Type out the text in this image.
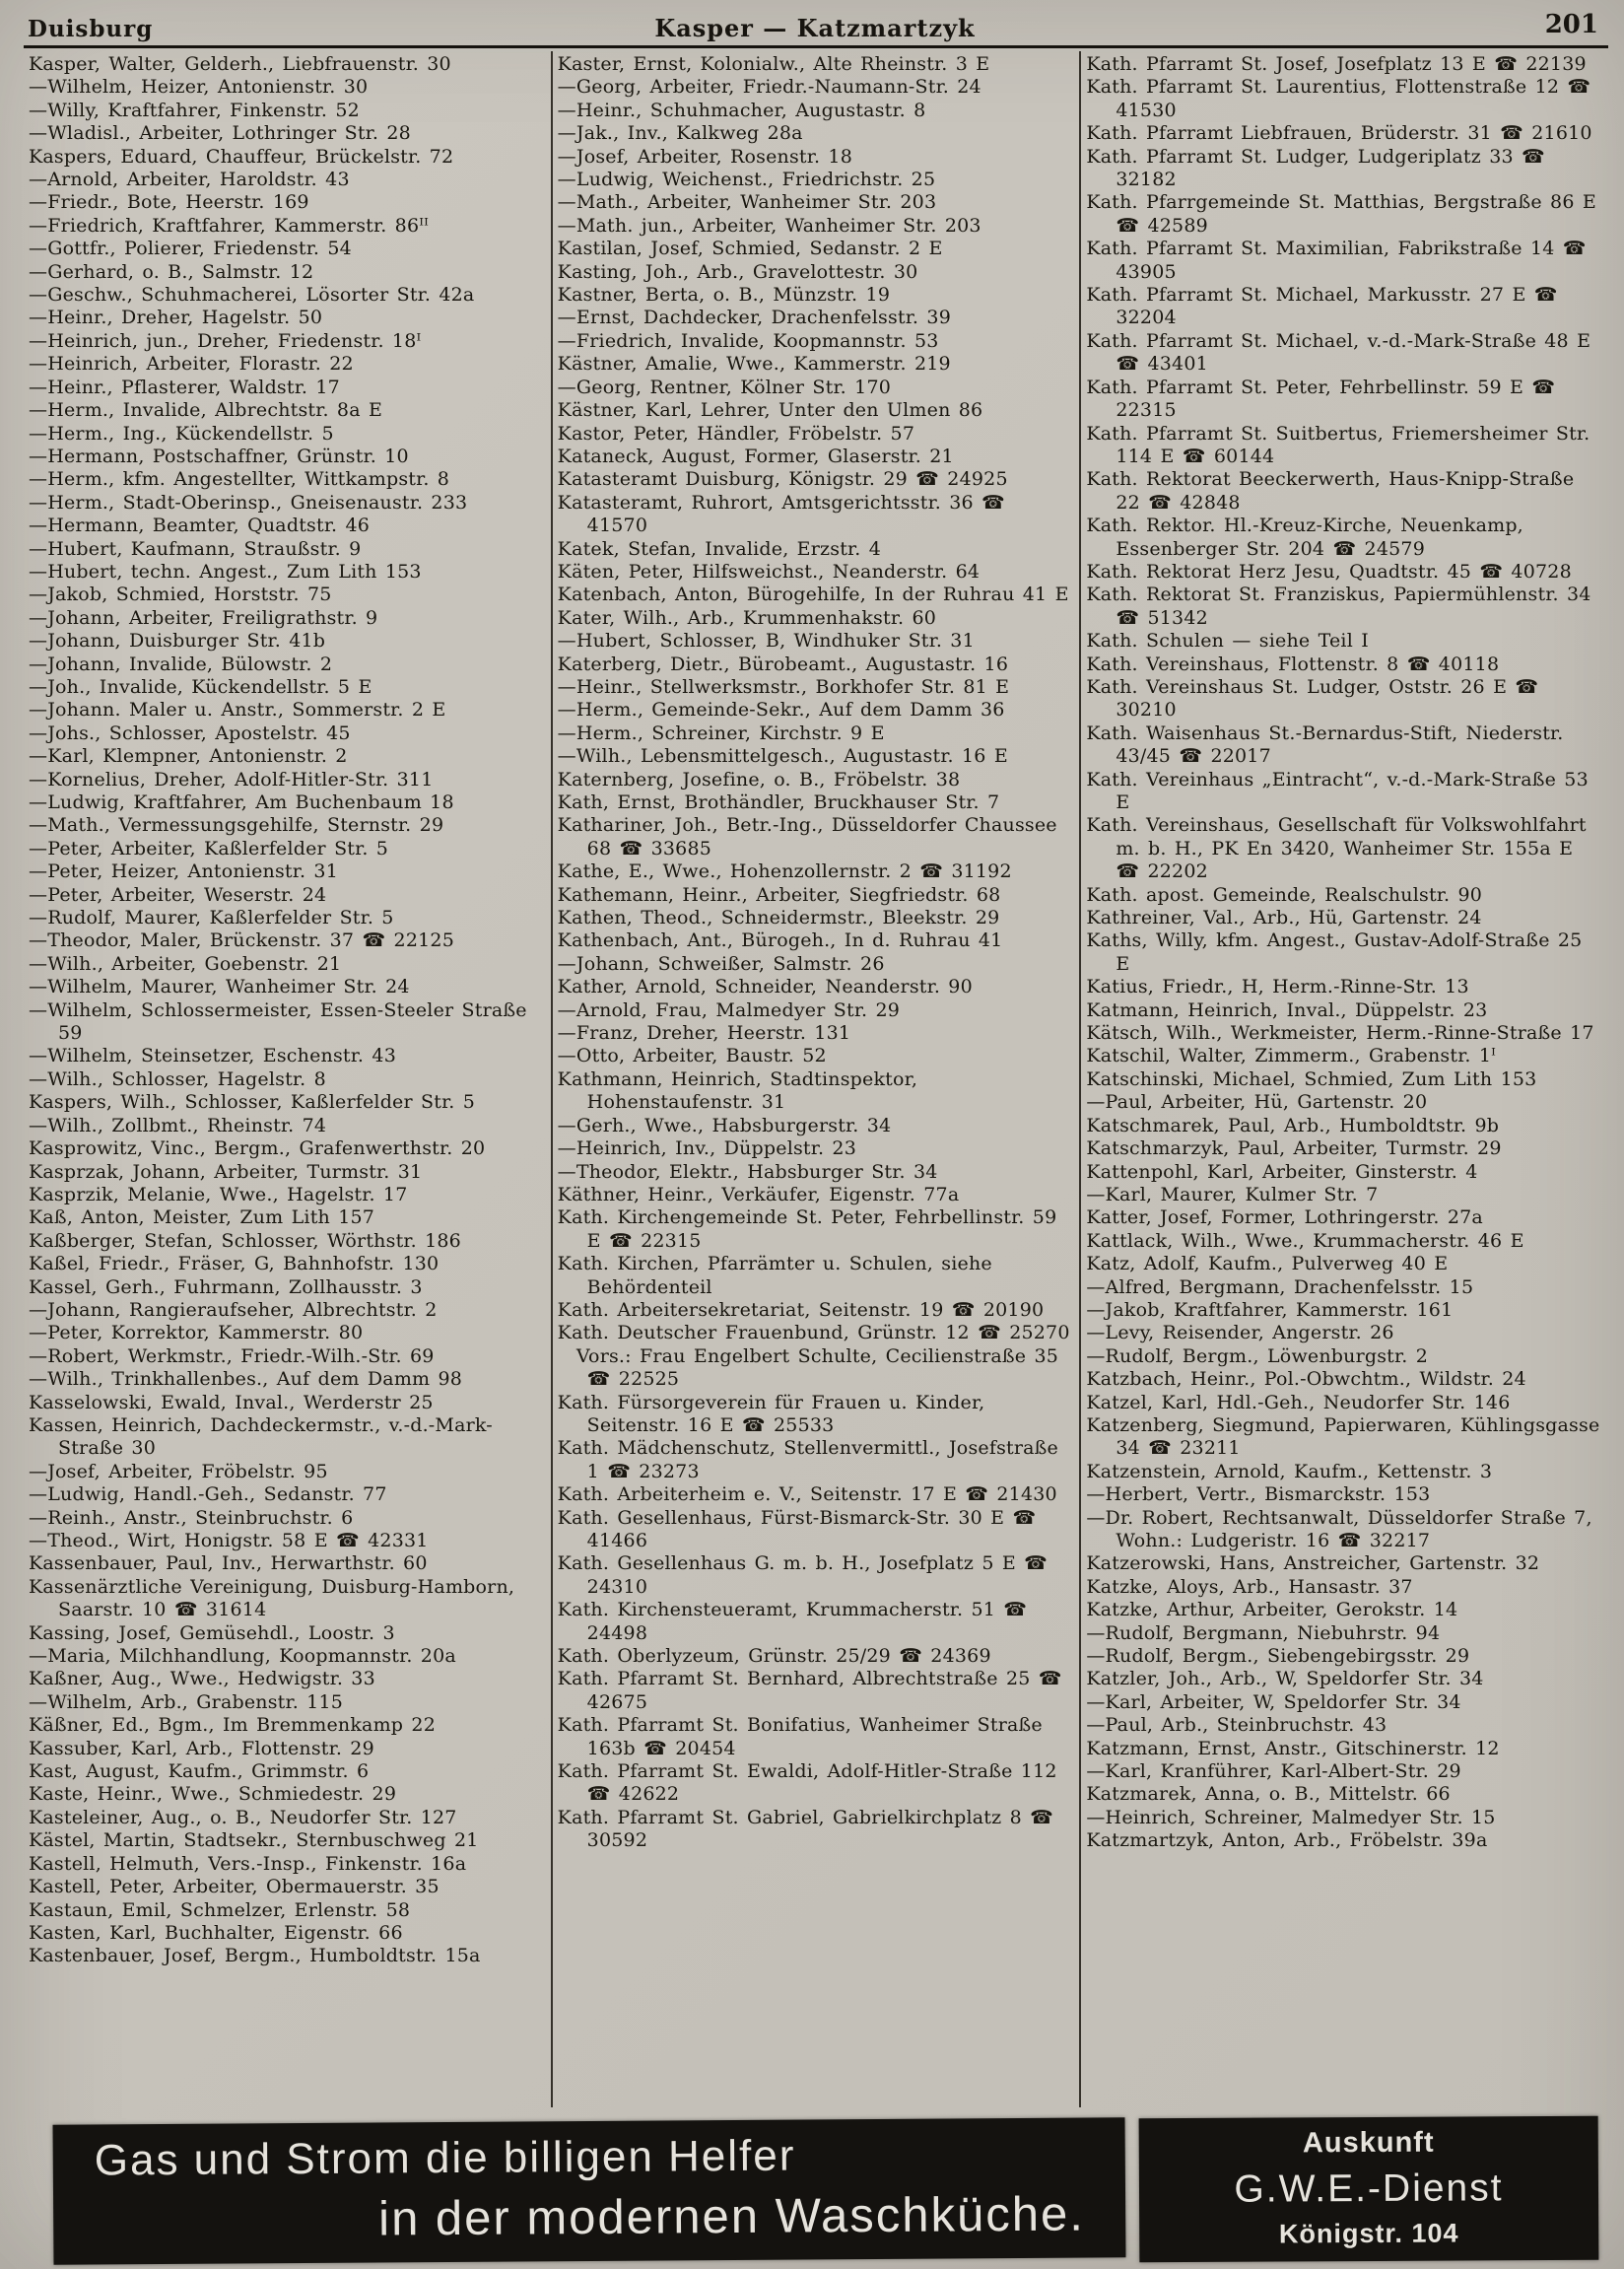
Duisburg	Kasper — Katzmartzyk	201
Kasper, Walter, Gelderh., Liebfrauenstr. 30
—Wilhelm, Heizer, Antonienstr. 30
—Willy, Kraftfahrer, Finkenstr. 52
—Wladisl., Arbeiter, Lothringer Str. 28
Kaspers, Eduard, Chauffeur, Brückelstr. 72
—Arnold, Arbeiter, Haroldstr. 43
—Friedr., Bote, Heerstr. 169
—Friedrich, Kraftfahrer, Kammerstr. 86ᴵᴵ
—Gottfr., Polierer, Friedenstr. 54
—Gerhard, o. B., Salmstr. 12
—Geschw., Schuhmacherei, Lösorter Str. 42a
—Heinr., Dreher, Hagelstr. 50
—Heinrich, jun., Dreher, Friedenstr. 18ᴵ
—Heinrich, Arbeiter, Florastr. 22
—Heinr., Pflasterer, Waldstr. 17
—Herm., Invalide, Albrechtstr. 8a E
—Herm., Ing., Kückendellstr. 5
—Hermann, Postschaffner, Grünstr. 10
—Herm., kfm. Angestellter, Wittkampstr. 8
—Herm., Stadt-Oberinsp., Gneisenaustr. 233
—Hermann, Beamter, Quadtstr. 46
—Hubert, Kaufmann, Straußstr. 9
—Hubert, techn. Angest., Zum Lith 153
—Jakob, Schmied, Horststr. 75
—Johann, Arbeiter, Freiligrathstr. 9
—Johann, Duisburger Str. 41b
—Johann, Invalide, Bülowstr. 2
—Joh., Invalide, Kückendellstr. 5 E
—Johann. Maler u. Anstr., Sommerstr. 2 E
—Johs., Schlosser, Apostelstr. 45
—Karl, Klempner, Antonienstr. 2
—Kornelius, Dreher, Adolf-Hitler-Str. 311
—Ludwig, Kraftfahrer, Am Buchenbaum 18
—Math., Vermessungsgehilfe, Sternstr. 29
—Peter, Arbeiter, Kaßlerfelder Str. 5
—Peter, Heizer, Antonienstr. 31
—Peter, Arbeiter, Weserstr. 24
—Rudolf, Maurer, Kaßlerfelder Str. 5
—Theodor, Maler, Brückenstr. 37 ☎ 22125
—Wilh., Arbeiter, Goebenstr. 21
—Wilhelm, Maurer, Wanheimer Str. 24
—Wilhelm, Schlossermeister, Essen-Steeler Straße 59
—Wilhelm, Steinsetzer, Eschenstr. 43
—Wilh., Schlosser, Hagelstr. 8
Kaspers, Wilh., Schlosser, Kaßlerfelder Str. 5
—Wilh., Zollbmt., Rheinstr. 74
Kasprowitz, Vinc., Bergm., Grafenwerthstr. 20
Kasprzak, Johann, Arbeiter, Turmstr. 31
Kasprzik, Melanie, Wwe., Hagelstr. 17
Kaß, Anton, Meister, Zum Lith 157
Kaßberger, Stefan, Schlosser, Wörthstr. 186
Kaßel, Friedr., Fräser, G, Bahnhofstr. 130
Kassel, Gerh., Fuhrmann, Zollhausstr. 3
—Johann, Rangieraufseher, Albrechtstr. 2
—Peter, Korrektor, Kammerstr. 80
—Robert, Werkmstr., Friedr.-Wilh.-Str. 69
—Wilh., Trinkhallenbes., Auf dem Damm 98
Kasselowski, Ewald, Inval., Werderstr 25
Kassen, Heinrich, Dachdeckermstr., v.-d.-Mark-Straße 30
—Josef, Arbeiter, Fröbelstr. 95
—Ludwig, Handl.-Geh., Sedanstr. 77
—Reinh., Anstr., Steinbruchstr. 6
—Theod., Wirt, Honigstr. 58 E ☎ 42331
Kassenbauer, Paul, Inv., Herwarthstr. 60
Kassenärztliche Vereinigung, Duisburg-Hamborn, Saarstr. 10 ☎ 31614
Kassing, Josef, Gemüsehdl., Loostr. 3
—Maria, Milchhandlung, Koopmannstr. 20a
Kaßner, Aug., Wwe., Hedwigstr. 33
—Wilhelm, Arb., Grabenstr. 115
Käßner, Ed., Bgm., Im Bremmenkamp 22
Kassuber, Karl, Arb., Flottenstr. 29
Kast, August, Kaufm., Grimmstr. 6
Kaste, Heinr., Wwe., Schmiedestr. 29
Kasteleiner, Aug., o. B., Neudorfer Str. 127
Kästel, Martin, Stadtsekr., Sternbuschweg 21
Kastell, Helmuth, Vers.-Insp., Finkenstr. 16a
Kastell, Peter, Arbeiter, Obermauerstr. 35
Kastaun, Emil, Schmelzer, Erlenstr. 58
Kasten, Karl, Buchhalter, Eigenstr. 66
Kastenbauer, Josef, Bergm., Humboldtstr. 15a
Kaster, Ernst, Kolonialw., Alte Rheinstr. 3 E
—Georg, Arbeiter, Friedr.-Naumann-Str. 24
—Heinr., Schuhmacher, Augustastr. 8
—Jak., Inv., Kalkweg 28a
—Josef, Arbeiter, Rosenstr. 18
—Ludwig, Weichenst., Friedrichstr. 25
—Math., Arbeiter, Wanheimer Str. 203
—Math. jun., Arbeiter, Wanheimer Str. 203
Kastilan, Josef, Schmied, Sedanstr. 2 E
Kasting, Joh., Arb., Gravelottestr. 30
Kastner, Berta, o. B., Münzstr. 19
—Ernst, Dachdecker, Drachenfelsstr. 39
—Friedrich, Invalide, Koopmannstr. 53
Kästner, Amalie, Wwe., Kammerstr. 219
—Georg, Rentner, Kölner Str. 170
Kästner, Karl, Lehrer, Unter den Ulmen 86
Kastor, Peter, Händler, Fröbelstr. 57
Kataneck, August, Former, Glaserstr. 21
Katasteramt Duisburg, Königstr. 29 ☎ 24925
Katasteramt, Ruhrort, Amtsgerichtsstr. 36 ☎ 41570
Katek, Stefan, Invalide, Erzstr. 4
Käten, Peter, Hilfsweichst., Neanderstr. 64
Katenbach, Anton, Bürogehilfe, In der Ruhrau 41 E
Kater, Wilh., Arb., Krummenhakstr. 60
—Hubert, Schlosser, B, Windhuker Str. 31
Katerberg, Dietr., Bürobeamt., Augustastr. 16
—Heinr., Stellwerksmstr., Borkhofer Str. 81 E
—Herm., Gemeinde-Sekr., Auf dem Damm 36
—Herm., Schreiner, Kirchstr. 9 E
—Wilh., Lebensmittelgesch., Augustastr. 16 E
Katernberg, Josefine, o. B., Fröbelstr. 38
Kath, Ernst, Brothändler, Bruckhauser Str. 7
Kathariner, Joh., Betr.-Ing., Düsseldorfer Chaussee 68 ☎ 33685
Kathe, E., Wwe., Hohenzollernstr. 2 ☎ 31192
Kathemann, Heinr., Arbeiter, Siegfriedstr. 68
Kathen, Theod., Schneidermstr., Bleekstr. 29
Kathenbach, Ant., Bürogeh., In d. Ruhrau 41
—Johann, Schweißer, Salmstr. 26
Kather, Arnold, Schneider, Neanderstr. 90
—Arnold, Frau, Malmedyer Str. 29
—Franz, Dreher, Heerstr. 131
—Otto, Arbeiter, Baustr. 52
Kathmann, Heinrich, Stadtinspektor, Hohenstaufenstr. 31
—Gerh., Wwe., Habsburgerstr. 34
—Heinrich, Inv., Düppelstr. 23
—Theodor, Elektr., Habsburger Str. 34
Käthner, Heinr., Verkäufer, Eigenstr. 77a
Kath. Kirchengemeinde St. Peter, Fehrbellinstr. 59 E ☎ 22315
Kath. Kirchen, Pfarrämter u. Schulen, siehe Behördenteil
Kath. Arbeitersekretariat, Seitenstr. 19 ☎ 20190
Kath. Deutscher Frauenbund, Grünstr. 12 ☎ 25270
 Vors.: Frau Engelbert Schulte, Cecilienstraße 35 ☎ 22525
Kath. Fürsorgeverein für Frauen u. Kinder, Seitenstr. 16 E ☎ 25533
Kath. Mädchenschutz, Stellenvermittl., Josefstraße 1 ☎ 23273
Kath. Arbeiterheim e. V., Seitenstr. 17 E ☎ 21430
Kath. Gesellenhaus, Fürst-Bismarck-Str. 30 E ☎ 41466
Kath. Gesellenhaus G. m. b. H., Josefplatz 5 E ☎ 24310
Kath. Kirchensteueramt, Krummacherstr. 51 ☎ 24498
Kath. Oberlyzeum, Grünstr. 25/29 ☎ 24369
Kath. Pfarramt St. Bernhard, Albrechtstraße 25 ☎ 42675
Kath. Pfarramt St. Bonifatius, Wanheimer Straße 163b ☎ 20454
Kath. Pfarramt St. Ewaldi, Adolf-Hitler-Straße 112 ☎ 42622
Kath. Pfarramt St. Gabriel, Gabrielkirchplatz 8 ☎ 30592
Kath. Pfarramt St. Josef, Josefplatz 13 E ☎ 22139
Kath. Pfarramt St. Laurentius, Flottenstraße 12 ☎ 41530
Kath. Pfarramt Liebfrauen, Brüderstr. 31 ☎ 21610
Kath. Pfarramt St. Ludger, Ludgeriplatz 33 ☎ 32182
Kath. Pfarrgemeinde St. Matthias, Bergstraße 86 E ☎ 42589
Kath. Pfarramt St. Maximilian, Fabrikstraße 14 ☎ 43905
Kath. Pfarramt St. Michael, Markusstr. 27 E ☎ 32204
Kath. Pfarramt St. Michael, v.-d.-Mark-Straße 48 E ☎ 43401
Kath. Pfarramt St. Peter, Fehrbellinstr. 59 E ☎ 22315
Kath. Pfarramt St. Suitbertus, Friemersheimer Str. 114 E ☎ 60144
Kath. Rektorat Beeckerwerth, Haus-Knipp-Straße 22 ☎ 42848
Kath. Rektor. Hl.-Kreuz-Kirche, Neuenkamp, Essenberger Str. 204 ☎ 24579
Kath. Rektorat Herz Jesu, Quadtstr. 45 ☎ 40728
Kath. Rektorat St. Franziskus, Papiermühlenstr. 34 ☎ 51342
Kath. Schulen — siehe Teil I
Kath. Vereinshaus, Flottenstr. 8 ☎ 40118
Kath. Vereinshaus St. Ludger, Oststr. 26 E ☎ 30210
Kath. Waisenhaus St.-Bernardus-Stift, Niederstr. 43/45 ☎ 22017
Kath. Vereinhaus „Eintracht“, v.-d.-Mark-Straße 53 E
Kath. Vereinshaus, Gesellschaft für Volkswohlfahrt m. b. H., PK En 3420, Wanheimer Str. 155a E ☎ 22202
Kath. apost. Gemeinde, Realschulstr. 90
Kathreiner, Val., Arb., Hü, Gartenstr. 24
Kaths, Willy, kfm. Angest., Gustav-Adolf-Straße 25 E
Katius, Friedr., H, Herm.-Rinne-Str. 13
Katmann, Heinrich, Inval., Düppelstr. 23
Kätsch, Wilh., Werkmeister, Herm.-Rinne-Straße 17
Katschil, Walter, Zimmerm., Grabenstr. 1ᴵ
Katschinski, Michael, Schmied, Zum Lith 153
—Paul, Arbeiter, Hü, Gartenstr. 20
Katschmarek, Paul, Arb., Humboldtstr. 9b
Katschmarzyk, Paul, Arbeiter, Turmstr. 29
Kattenpohl, Karl, Arbeiter, Ginsterstr. 4
—Karl, Maurer, Kulmer Str. 7
Katter, Josef, Former, Lothringerstr. 27a
Kattlack, Wilh., Wwe., Krummacherstr. 46 E
Katz, Adolf, Kaufm., Pulverweg 40 E
—Alfred, Bergmann, Drachenfelsstr. 15
—Jakob, Kraftfahrer, Kammerstr. 161
—Levy, Reisender, Angerstr. 26
—Rudolf, Bergm., Löwenburgstr. 2
Katzbach, Heinr., Pol.-Obwchtm., Wildstr. 24
Katzel, Karl, Hdl.-Geh., Neudorfer Str. 146
Katzenberg, Siegmund, Papierwaren, Kühlingsgasse 34 ☎ 23211
Katzenstein, Arnold, Kaufm., Kettenstr. 3
—Herbert, Vertr., Bismarckstr. 153
—Dr. Robert, Rechtsanwalt, Düsseldorfer Straße 7, Wohn.: Ludgeristr. 16 ☎ 32217
Katzerowski, Hans, Anstreicher, Gartenstr. 32
Katzke, Aloys, Arb., Hansastr. 37
Katzke, Arthur, Arbeiter, Gerokstr. 14
—Rudolf, Bergmann, Niebuhrstr. 94
—Rudolf, Bergm., Siebengebirgsstr. 29
Katzler, Joh., Arb., W, Speldorfer Str. 34
—Karl, Arbeiter, W, Speldorfer Str. 34
—Paul, Arb., Steinbruchstr. 43
Katzmann, Ernst, Anstr., Gitschinerstr. 12
—Karl, Kranführer, Karl-Albert-Str. 29
Katzmarek, Anna, o. B., Mittelstr. 66
—Heinrich, Schreiner, Malmedyer Str. 15
Katzmartzyk, Anton, Arb., Fröbelstr. 39a
Gas und Strom die billigen Helfer
in der modernen Waschküche.
Auskunft
G.W.E.-Dienst
Königstr. 104
